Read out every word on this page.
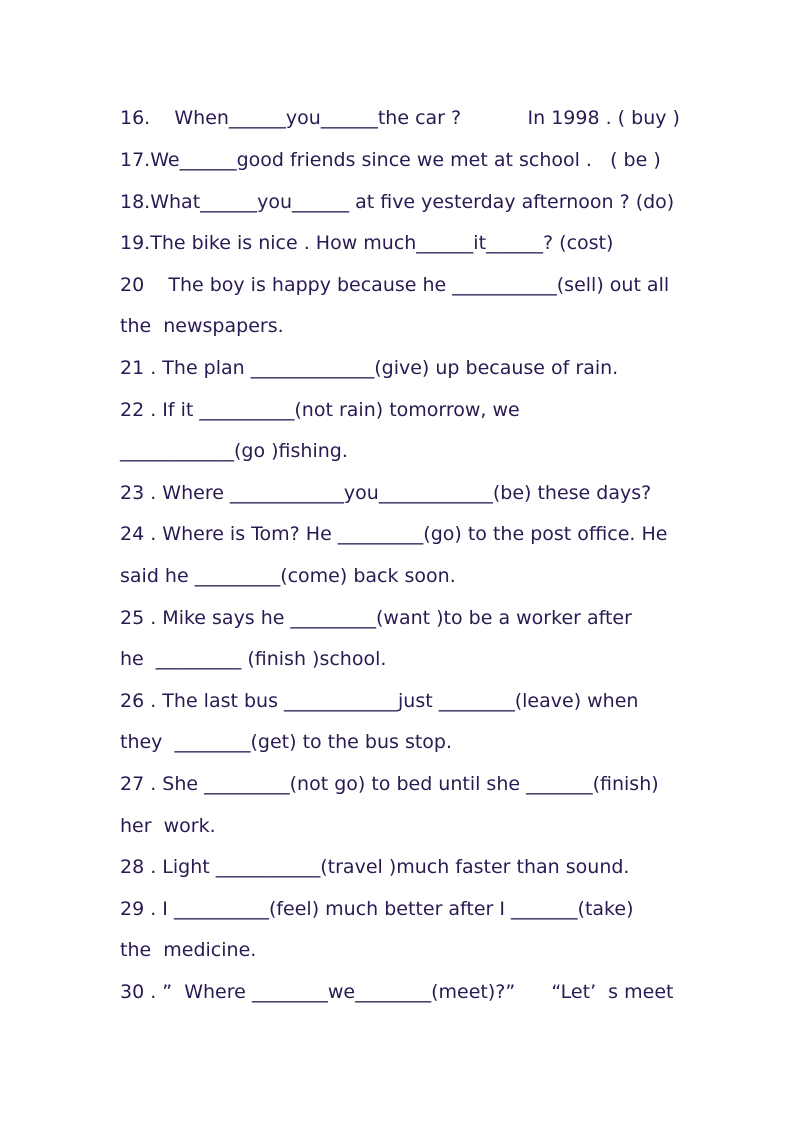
16.    When______you______the car ?           In 1998 . ( buy )
17.We______good friends since we met at school .   ( be )
18.What______you______ at five yesterday afternoon ? (do)
19.The bike is nice . How much______it______? (cost)
20    The boy is happy because he ___________(sell) out all
the  newspapers.
21 . The plan _____________(give) up because of rain.
22 . If it __________(not rain) tomorrow, we
____________(go )fishing.
23 . Where ____________you____________(be) these days?
24 . Where is Tom? He _________(go) to the post office. He
said he _________(come) back soon.
25 . Mike says he _________(want )to be a worker after
he  _________ (finish )school.
26 . The last bus ____________just ________(leave) when
they  ________(get) to the bus stop.
27 . She _________(not go) to bed until she _______(finish)
her  work.
28 . Light ___________(travel )much faster than sound.
29 . I __________(feel) much better after I _______(take)
the  medicine.
30 . ”  Where ________we________(meet)?”      “Let’  s meet
